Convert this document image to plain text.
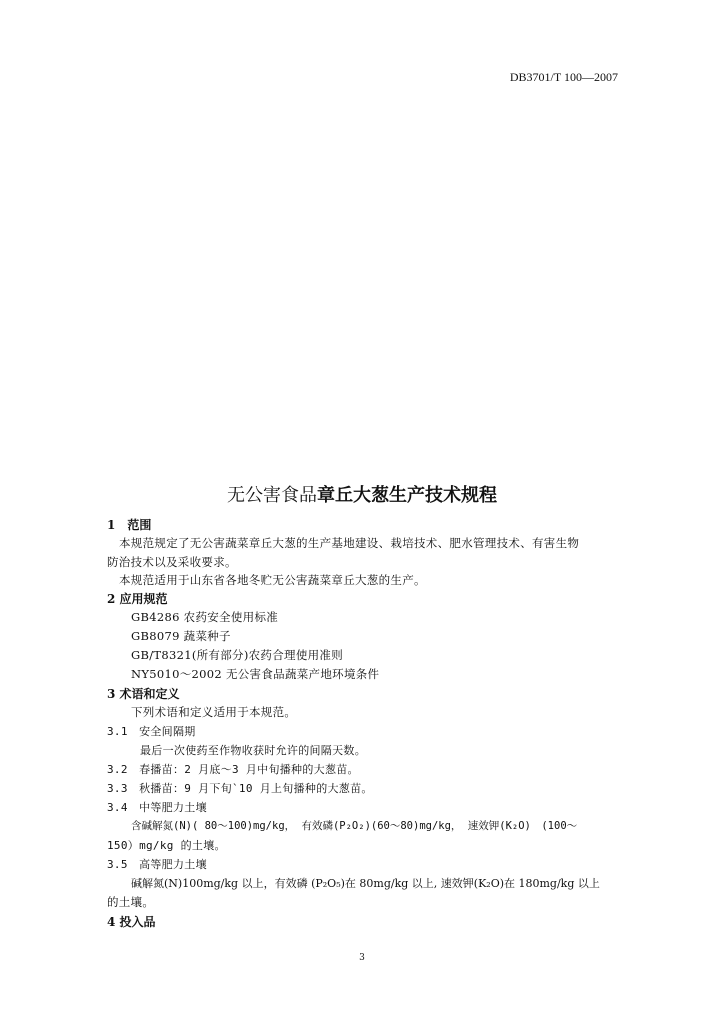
DB3701/T 100—2007
无公害食品章丘大葱生产技术规程
1　范围
本规范规定了无公害蔬菜章丘大葱的生产基地建设、栽培技术、肥水管理技术、有害生物
防治技术以及采收要求。
本规范适用于山东省各地冬贮无公害蔬菜章丘大葱的生产。
2 应用规范
GB4286 农药安全使用标准
GB8079 蔬菜种子
GB/T8321(所有部分)农药合理使用准则
NY5010～2002 无公害食品蔬菜产地环境条件
3 术语和定义
下列术语和定义适用于本规范。
3.1　安全间隔期
最后一次使药至作物收获时允许的间隔天数。
3.2　春播苗：2 月底～3 月中旬播种的大葱苗。
3.3　秋播苗：9 月下旬`10 月上旬播种的大葱苗。
3.4　中等肥力土壤
含碱解氮(N)( 80～100)mg/kg， 有效磷(P₂O₂)(60～80)mg/kg， 速效钾(K₂O)　(100～
150）mg/kg 的土壤。
3.5　高等肥力土壤
碱解氮(N)100mg/kg 以上，有效磷 (P₂O₅)在 80mg/kg 以上, 速效钾(K₂O)在 180mg/kg 以上
的土壤。
4 投入品
3
